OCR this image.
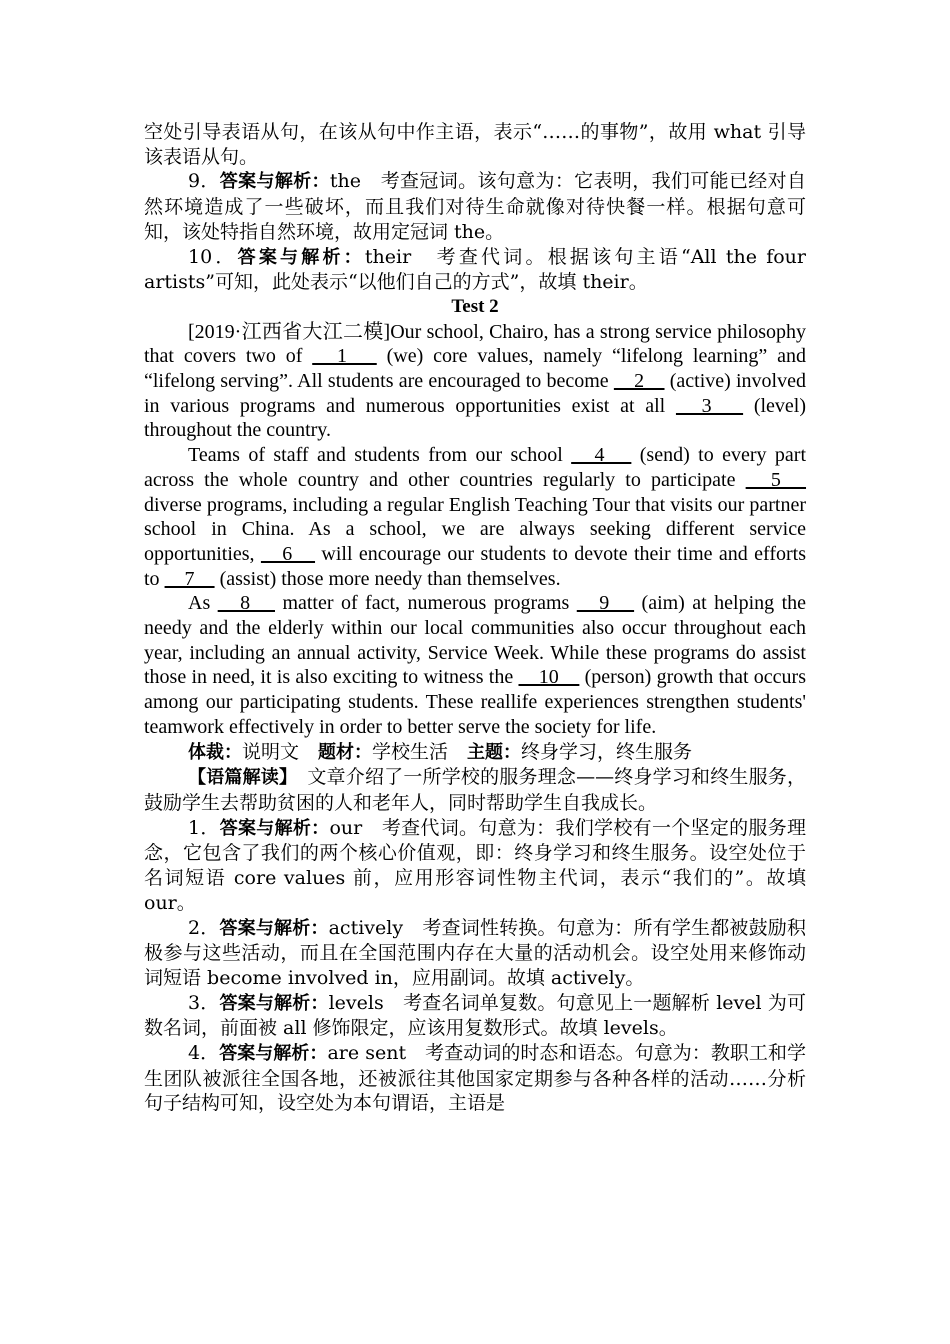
空处引导表语从句，在该从句中作主语，表示“……的事物”，故用 what 引导该表语从句。

9．答案与解析：the　考查冠词。该句意为：它表明，我们可能已经对自然环境造成了一些破坏，而且我们对待生命就像对待快餐一样。根据句意可知，该处特指自然环境，故用定冠词 the。

10．答案与解析：their　考查代词。根据该句主语“All the four artists”可知，此处表示“以他们自己的方式”，故填 their。

Test 2

[2019·江西省大江二模]Our school, Chairo, has a strong service philosophy that covers two of 　1　 (we) core values, namely “lifelong learning” and “lifelong serving”. All students are encouraged to become 　2　 (active) involved in various programs and numerous opportunities exist at all 　3　 (level) throughout the country.

Teams of staff and students from our school 　4　 (send) to every part across the whole country and other countries regularly to participate 　5　 diverse programs, including a regular English Teaching Tour that visits our partner school in China. As a school, we are always seeking different service opportunities, 　6　 will encourage our students to devote their time and efforts to 　7　 (assist) those more needy than themselves.

As 　8　 matter of fact, numerous programs 　9　 (aim) at helping the needy and the elderly within our local communities also occur throughout each year, including an annual activity, Service Week. While these programs do assist those in need, it is also exciting to witness the 　10　 (person) growth that occurs among our participating students. These reallife experiences strengthen students' teamwork effectively in order to better serve the society for life.

体裁：说明文　题材：学校生活　主题：终身学习，终生服务

【语篇解读】　文章介绍了一所学校的服务理念——终身学习和终生服务，鼓励学生去帮助贫困的人和老年人，同时帮助学生自我成长。

1．答案与解析：our　考查代词。句意为：我们学校有一个坚定的服务理念，它包含了我们的两个核心价值观，即：终身学习和终生服务。设空处位于名词短语 core values 前，应用形容词性物主代词，表示“我们的”。故填 our。

2．答案与解析：actively　考查词性转换。句意为：所有学生都被鼓励积极参与这些活动，而且在全国范围内存在大量的活动机会。设空处用来修饰动词短语 become involved in，应用副词。故填 actively。

3．答案与解析：levels　考查名词单复数。句意见上一题解析 level 为可数名词，前面被 all 修饰限定，应该用复数形式。故填 levels。

4．答案与解析：are sent　考查动词的时态和语态。句意为：教职工和学生团队被派往全国各地，还被派往其他国家定期参与各种各样的活动……分析句子结构可知，设空处为本句谓语，主语是
